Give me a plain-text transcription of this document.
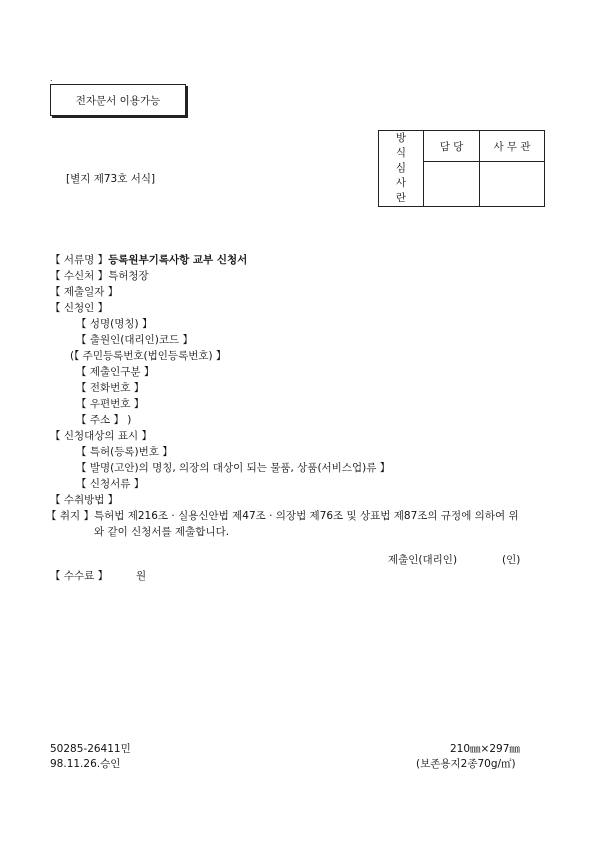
.
전자문서 이용가능
[별지 제73호 서식]
방
식
심
사
란	담 당	사 무 관

【 서류명 】등록원부기록사항 교부 신청서
【 수신처 】특허청장
【 제출일자 】
【 신청인 】
【 성명(명칭) 】
【 출원인(대리인)코드 】
(【 주민등록번호(법인등록번호) 】
【 제출인구분 】
【 전화번호 】
【 우편번호 】
【 주소 】 )
【 신청대상의 표시 】
【 특허(등록)번호 】
【 발명(고안)의 명칭, 의장의 대상이 되는 물품, 상품(서비스업)류 】
【 신청서류 】
【 수취방법 】
【 취지 】특허법 제216조 · 실용신안법 제47조 · 의장법 제76조 및 상표법 제87조의 규정에 의하여 위
와 같이 신청서를 제출합니다.
제출인(대리인)	(인)
【 수수료 】	원
50285-26411민
98.11.26.승인
210㎜×297㎜
(보존용지2종70g/㎡)
